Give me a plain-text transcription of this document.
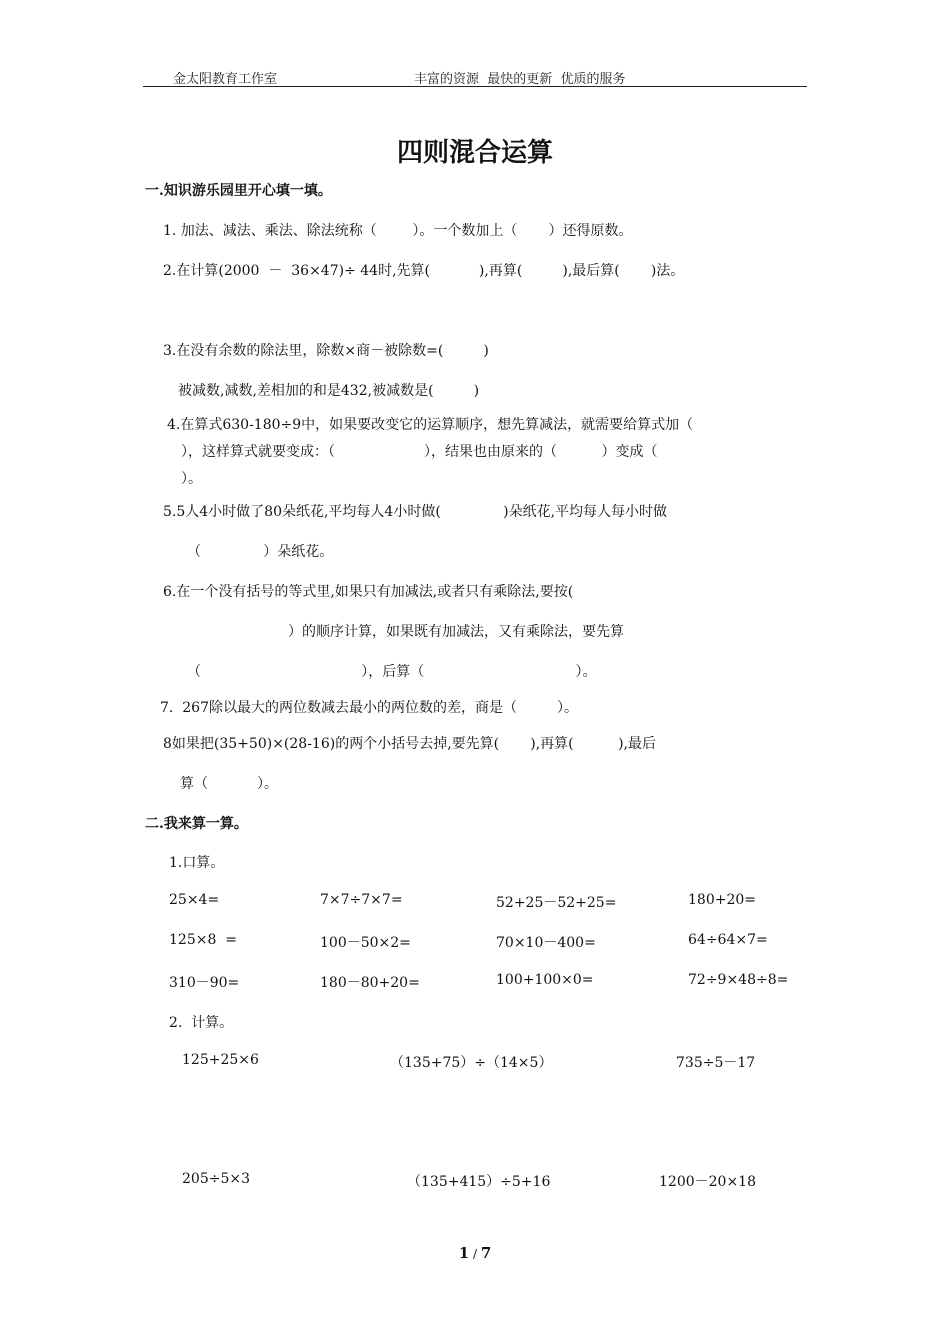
金太阳教育工作室	丰富的资源  最快的更新  优质的服务
四则混合运算
一.知识游乐园里开心填一填。
1. 加法、减法、乘法、除法统称（        ）。一个数加上（       ）还得原数。
2.在计算(2000  －  36×47)÷ 44时,先算(           ),再算(         ),最后算(       )法。
3.在没有余数的除法里，除数×商－被除数=(         )
被减数,减数,差相加的和是432,被减数是(         )
4.在算式630-180÷9中，如果要改变它的运算顺序，想先算减法，就需要给算式加（
），这样算式就要变成：（                    ），结果也由原来的（          ）变成（
）。
5.5人4小时做了80朵纸花,平均每人4小时做(              )朵纸花,平均每人每小时做
（              ）朵纸花。
6.在一个没有括号的等式里,如果只有加减法,或者只有乘除法,要按(
）的顺序计算，如果既有加减法，又有乘除法，要先算
（                                    ），后算（                                  ）。
7.  267除以最大的两位数减去最小的两位数的差，商是（         ）。
8如果把(35+50)×(28-16)的两个小括号去掉,要先算(       ),再算(          ),最后
算（           ）。
二.我来算一算。
1.口算。
25×4=	7×7÷7×7=	52+25－52+25=	180+20=
125×8  =	100－50×2=	70×10－400=	64÷64×7=
310－90=	180－80+20=	100+100×0=	72÷9×48÷8=
2.  计算。
125+25×6	（135+75）÷（14×5）	735÷5－17
205÷5×3	（135+415）÷5+16	1200－20×18
1 / 7
